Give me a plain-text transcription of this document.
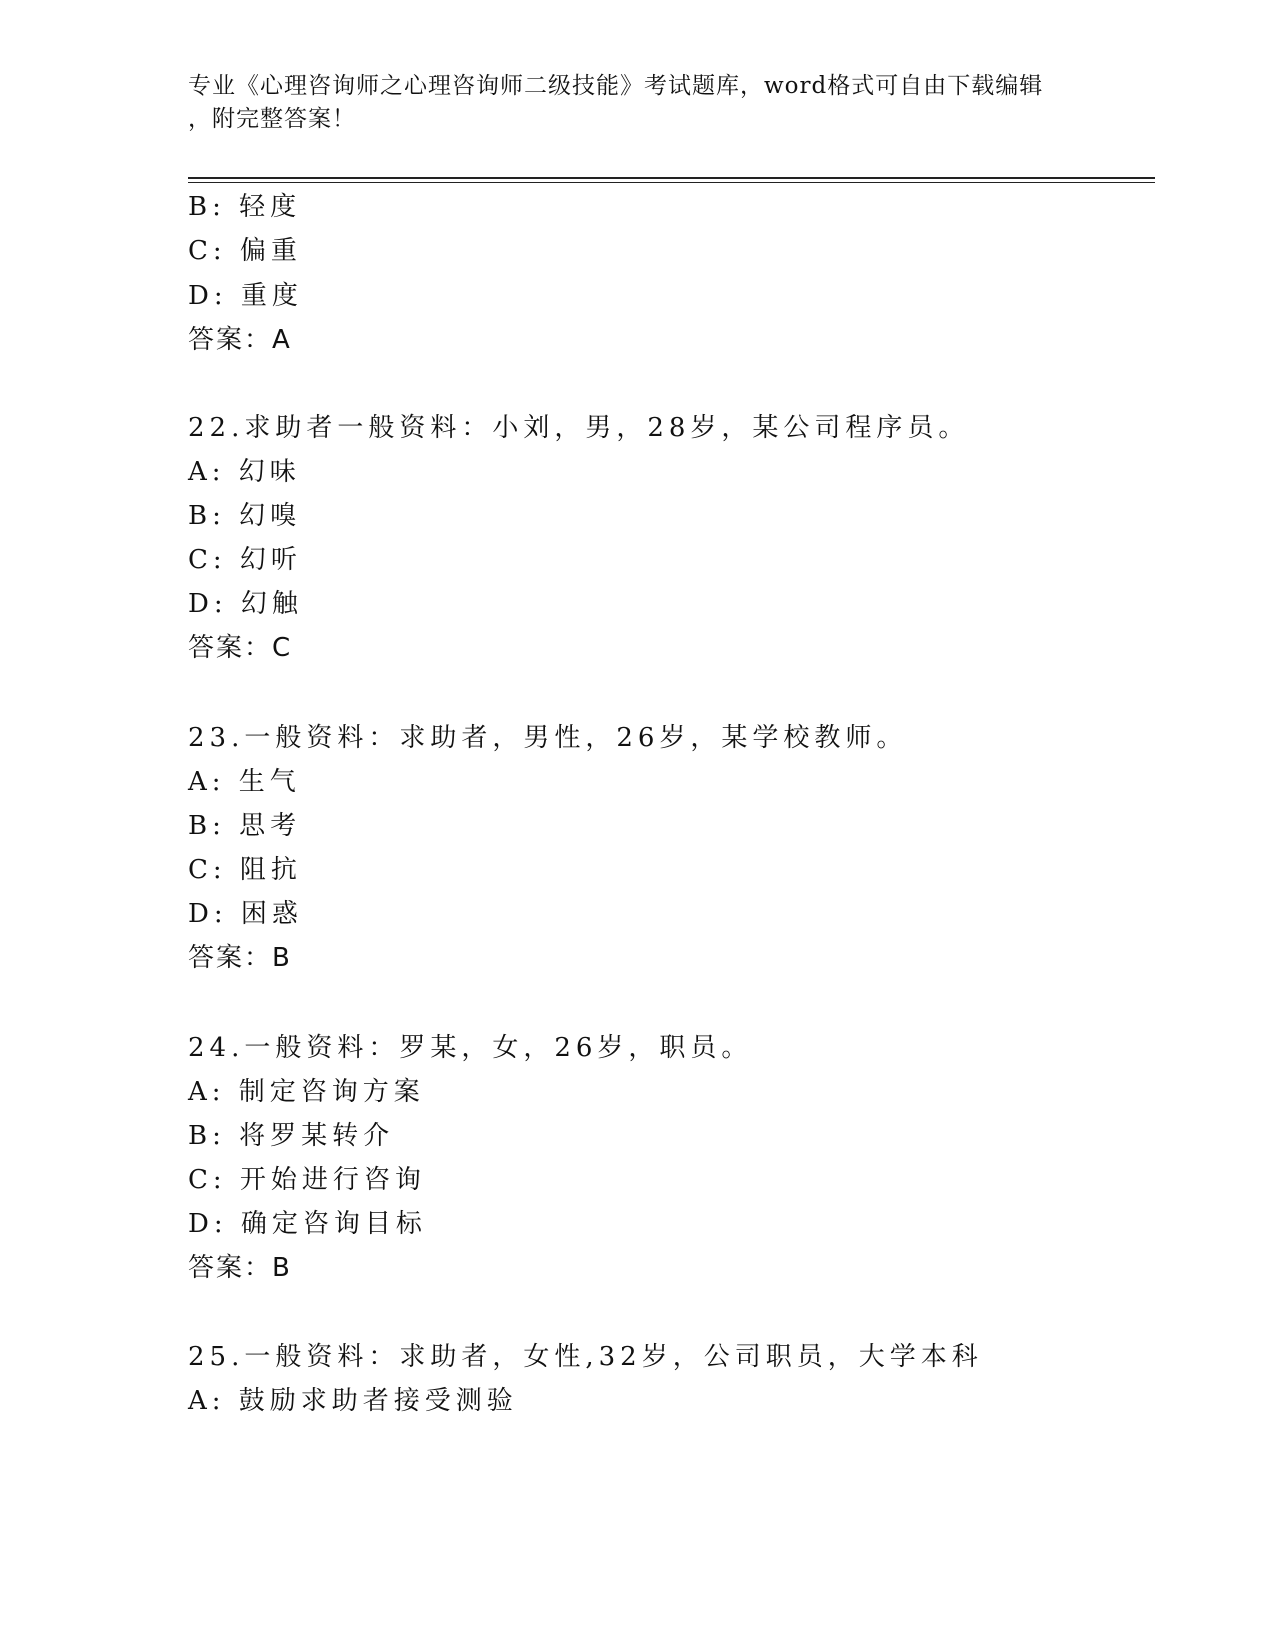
专业《心理咨询师之心理咨询师二级技能》考试题库，word格式可自由下载编辑
，附完整答案！
B: 轻度
C: 偏重
D: 重度
答案：A
22.求助者一般资料：小刘，男，28岁，某公司程序员。
A: 幻味
B: 幻嗅
C: 幻听
D: 幻触
答案：C
23.一般资料：求助者，男性，26岁，某学校教师。
A: 生气
B: 思考
C: 阻抗
D: 困惑
答案：B
24.一般资料：罗某，女，26岁，职员。
A: 制定咨询方案
B: 将罗某转介
C: 开始进行咨询
D: 确定咨询目标
答案：B
25.一般资料：求助者，女性,32岁，公司职员，大学本科
A: 鼓励求助者接受测验
